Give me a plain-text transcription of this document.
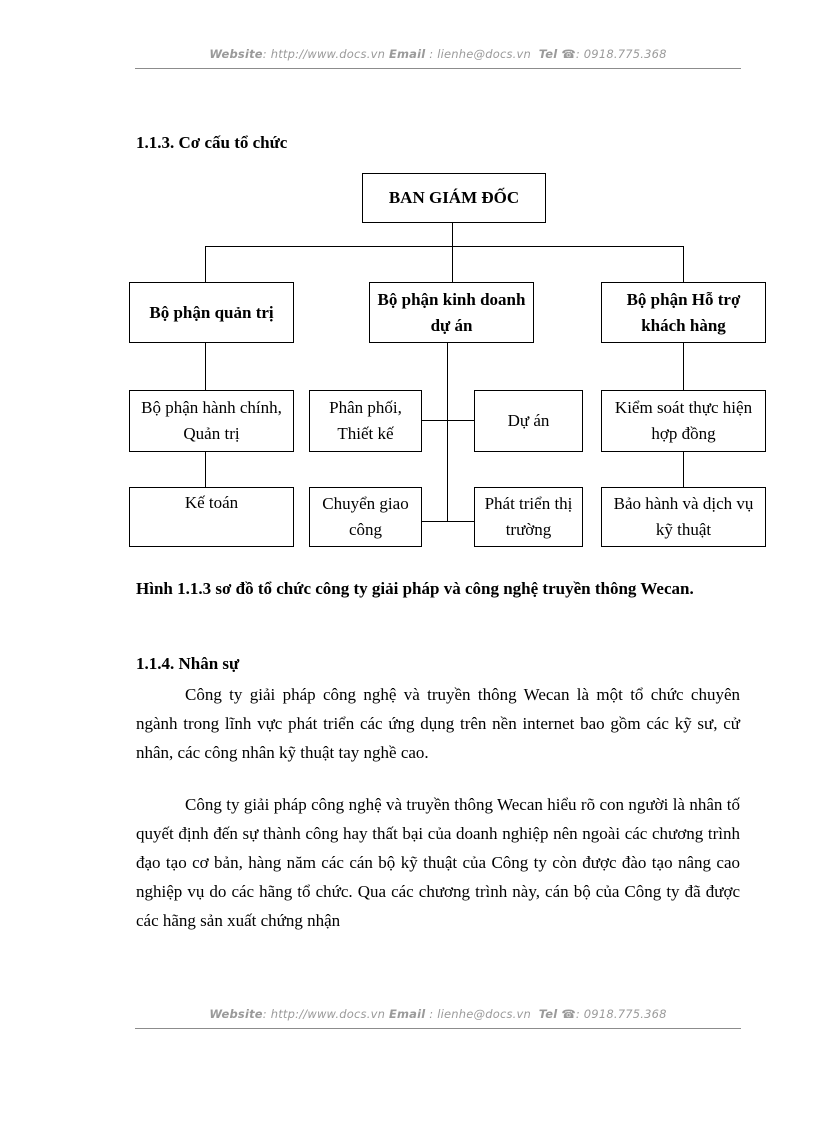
Website: http://www.docs.vn Email : lienhe@docs.vn Tel ☎: 0918.775.368
1.1.3. Cơ cấu tổ chức
BAN GIÁM ĐỐC
Bộ phận quản trị
Bộ phận kinh doanh dự án
Bộ phận Hỗ trợ khách hàng
Bộ phận hành chính, Quản trị
Kế toán
Phân phối, Thiết kế
Dự án
Chuyển giao công
Phát triển thị trường
Kiểm soát thực hiện hợp đồng
Bảo hành và dịch vụ kỹ thuật
Hình 1.1.3 sơ đồ tổ chức công ty giải pháp và công nghệ truyền thông Wecan.
1.1.4. Nhân sự

Công ty giải pháp công nghệ và truyền thông Wecan là một tổ chức chuyên ngành trong lĩnh vực phát triển các ứng dụng trên nền internet bao gồm các kỹ sư, cử nhân, các công nhân kỹ thuật tay nghề cao.

Công ty giải pháp công nghệ và truyền thông Wecan hiểu rõ con người là nhân tố quyết định đến sự thành công hay thất bại của doanh nghiệp nên ngoài các chương trình đạo tạo cơ bản, hàng năm các cán bộ kỹ thuật của Công ty còn được đào tạo nâng cao nghiệp vụ do các hãng tổ chức. Qua các chương trình này, cán bộ của Công ty đã được các hãng sản xuất chứng nhận

Website: http://www.docs.vn Email : lienhe@docs.vn Tel ☎: 0918.775.368
